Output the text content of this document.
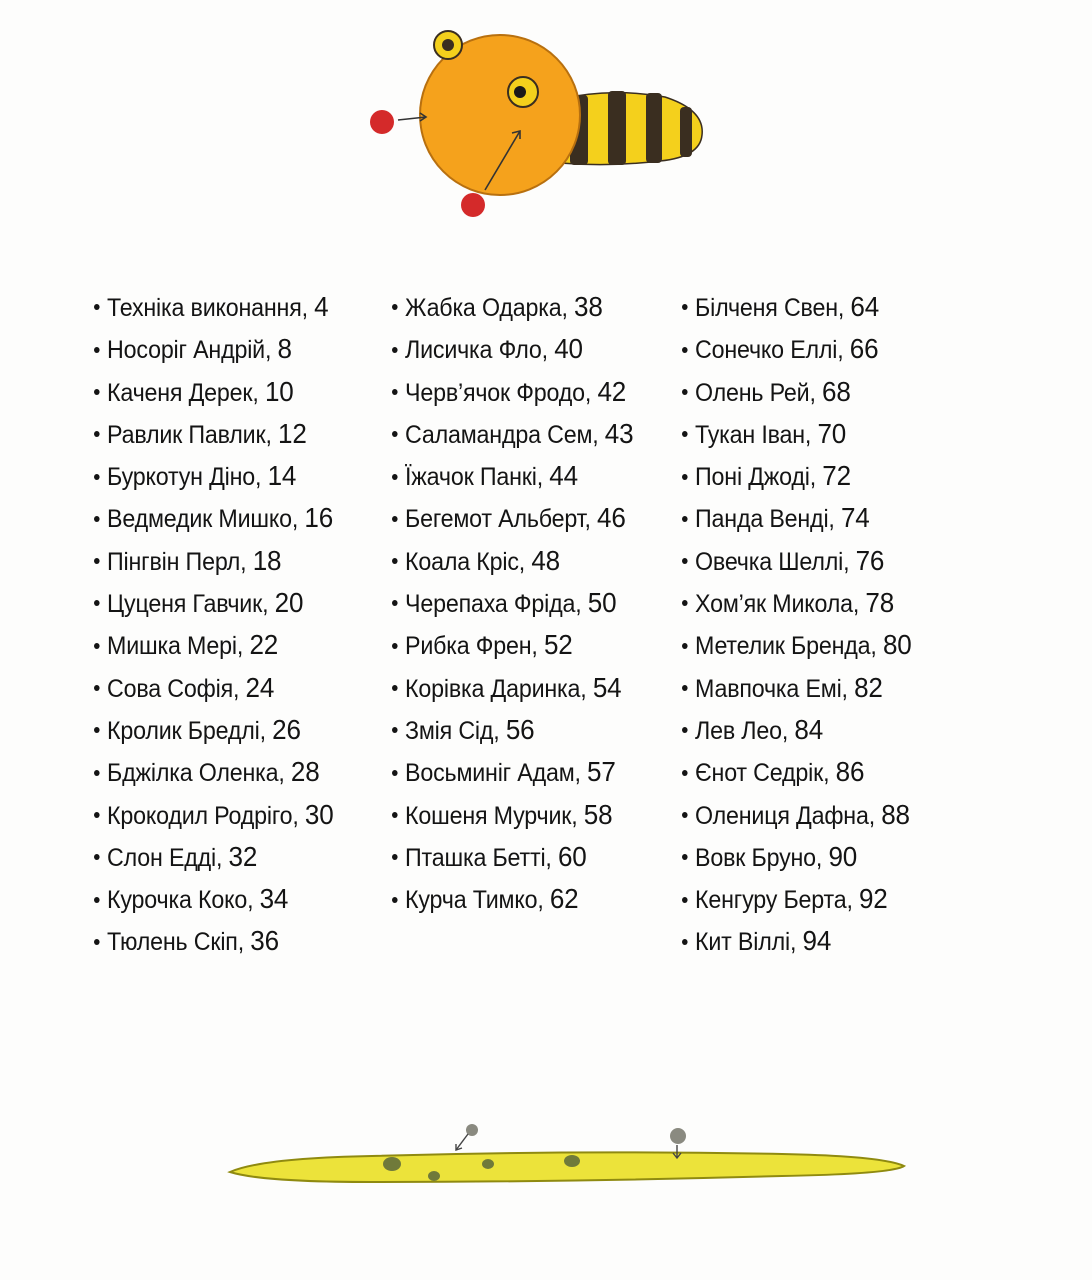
Техніка виконання, 4
Носоріг Андрій, 8
Каченя Дерек, 10
Равлик Павлик, 12
Буркотун Діно, 14
Ведмедик Мишко, 16
Пінгвін Перл, 18
Цуценя Гавчик, 20
Мишка Мері, 22
Сова Софія, 24
Кролик Бредлі, 26
Бджілка Оленка, 28
Крокодил Родріго, 30
Слон Едді, 32
Курочка Коко, 34
Тюлень Скіп, 36
Жабка Одарка, 38
Лисичка Фло, 40
Черв’ячок Фродо, 42
Саламандра Сем, 43
Їжачок Панкі, 44
Бегемот Альберт, 46
Коала Кріс, 48
Черепаха Фріда, 50
Рибка Френ, 52
Корівка Даринка, 54
Змія Сід, 56
Восьминіг Адам, 57
Кошеня Мурчик, 58
Пташка Бетті, 60
Курча Тимко, 62
Білченя Свен, 64
Сонечко Еллі, 66
Олень Рей, 68
Тукан Іван, 70
Поні Джоді, 72
Панда Венді, 74
Овечка Шеллі, 76
Хом’як Микола, 78
Метелик Бренда, 80
Мавпочка Емі, 82
Лев Лео, 84
Єнот Седрік, 86
Олениця Дафна, 88
Вовк Бруно, 90
Кенгуру Берта, 92
Кит Віллі, 94
